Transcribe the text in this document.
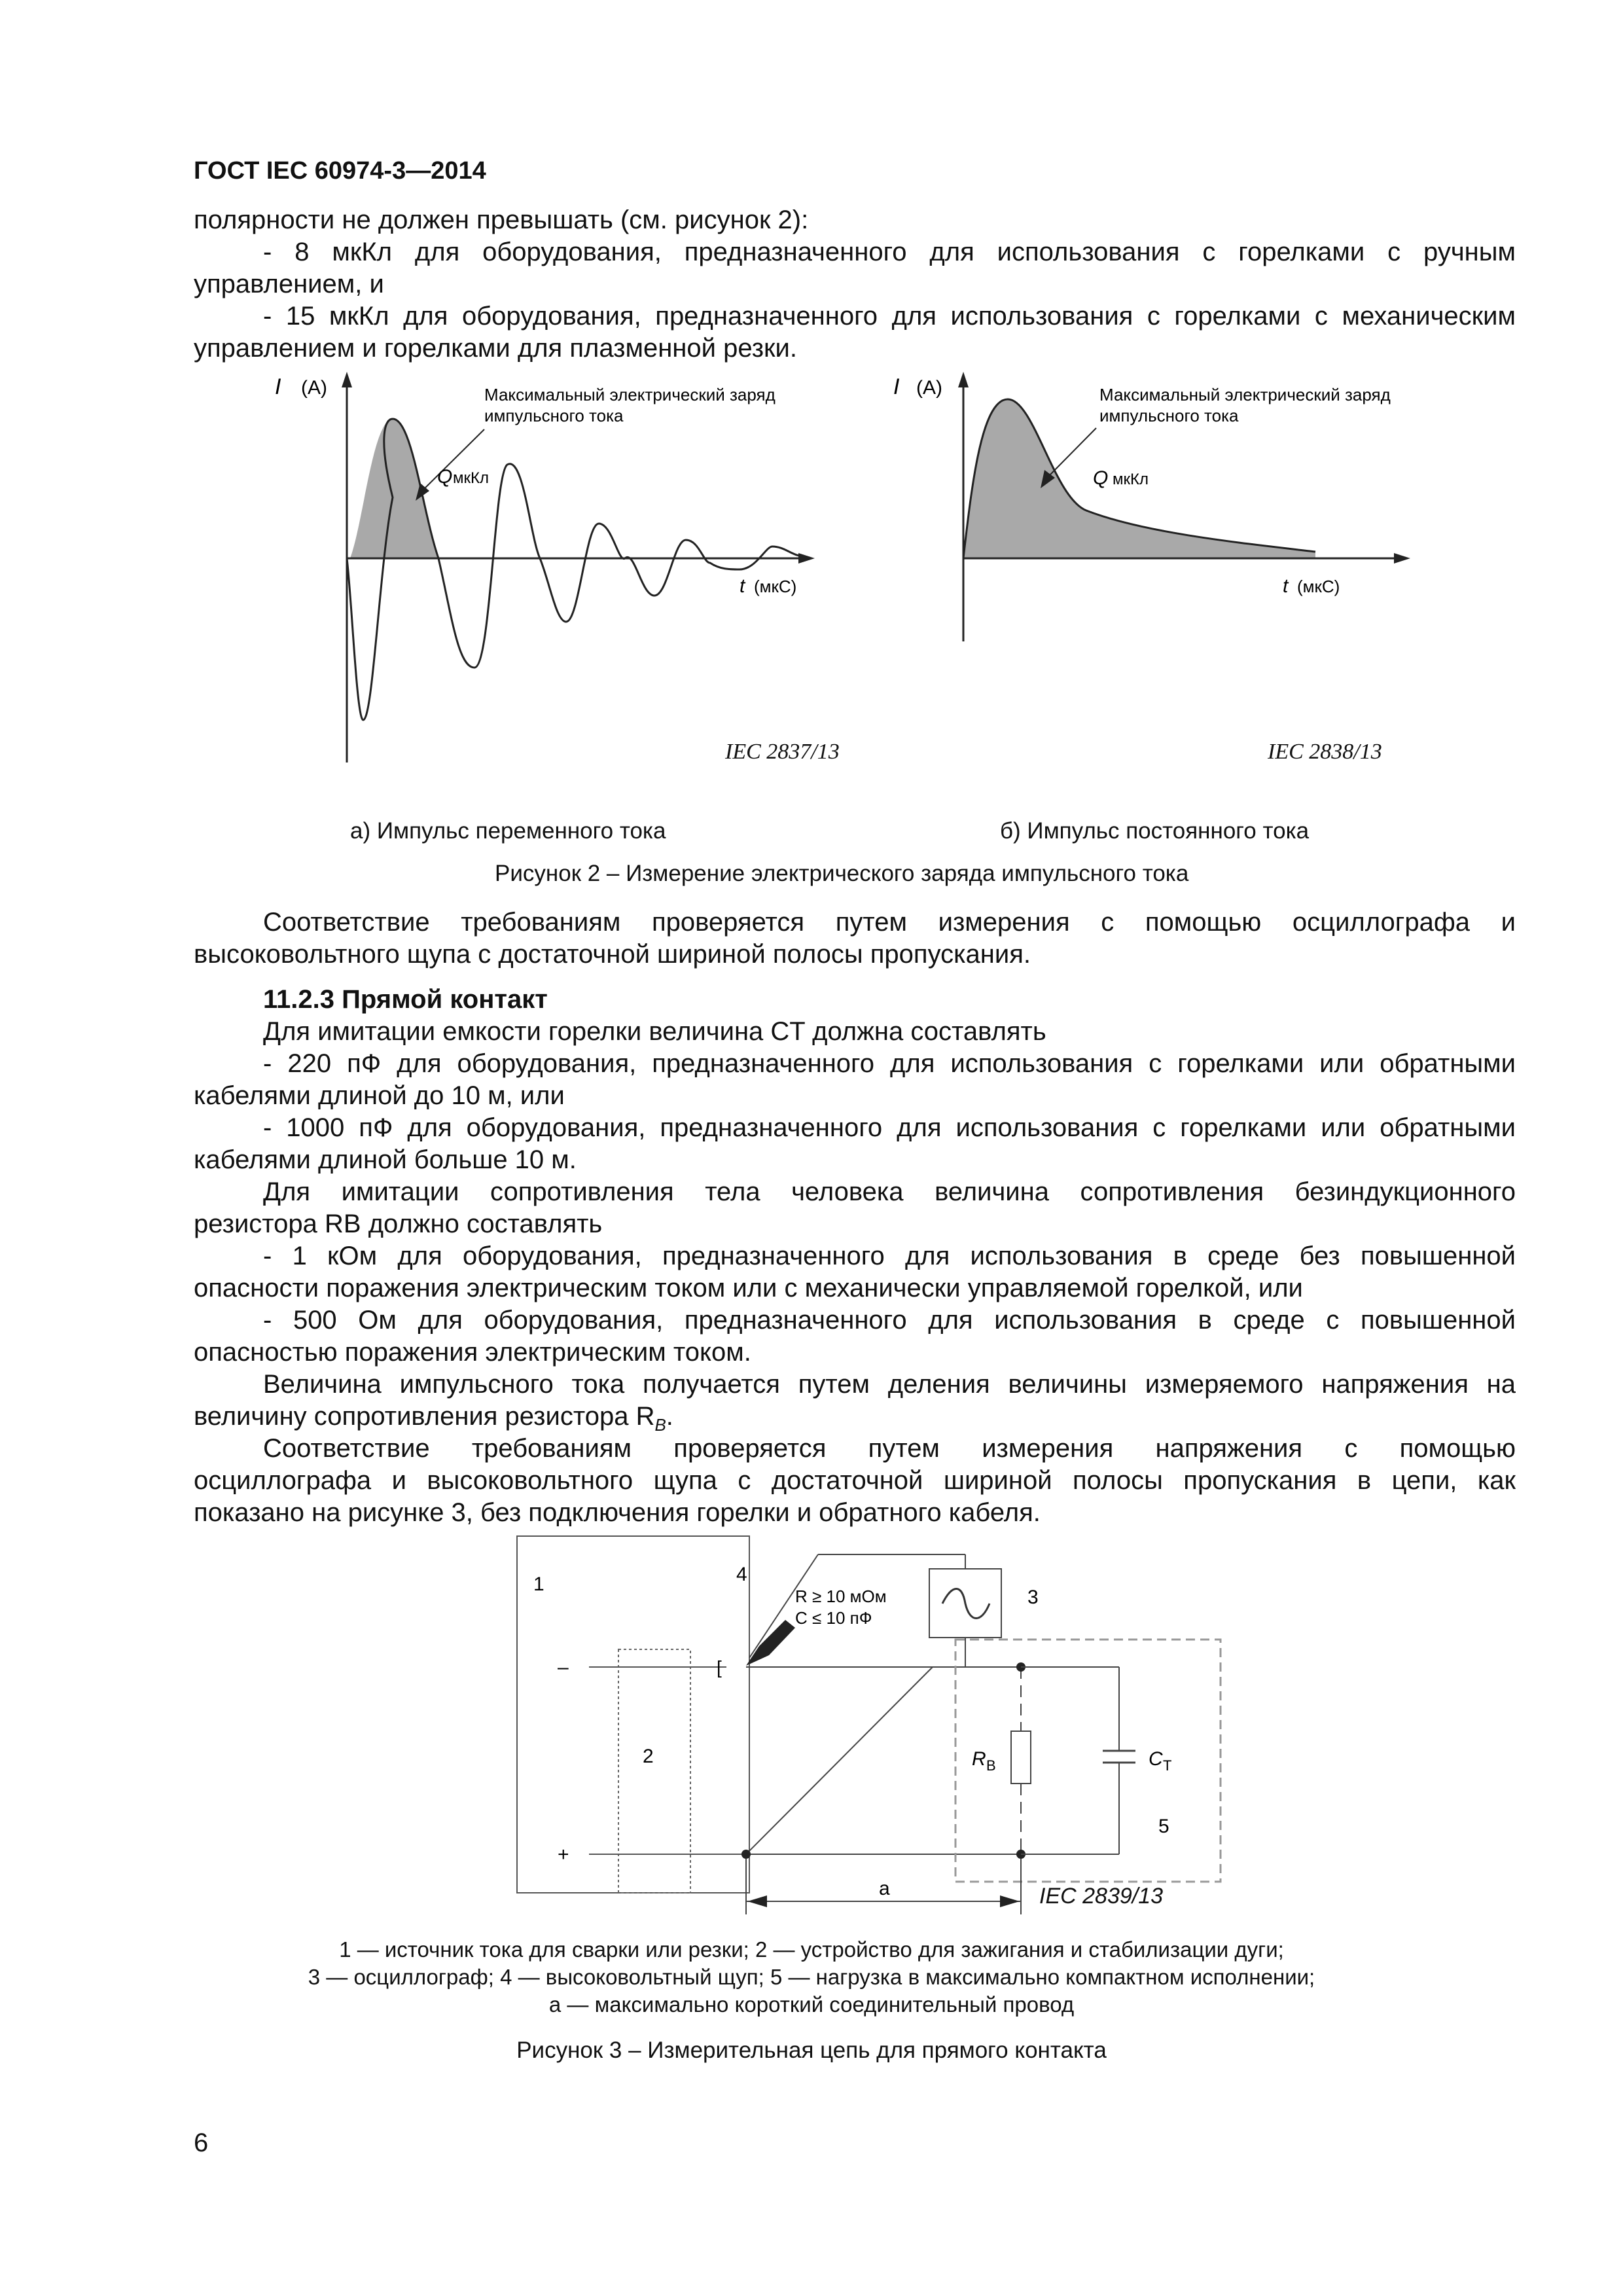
ГОСТ IEC 60974-3—2014
полярности не должен превышать (см. рисунок 2):
- 8 мкКл для оборудования, предназначенного для использования с горелками с ручным
управлением, и
- 15 мкКл для оборудования, предназначенного для использования с горелками с механическим
управлением и горелками для плазменной резки.
I (A)	Максимальный электрический заряд
импульсного тока
Q мкКл
t (мкС)
IEC 2837/13
а) Импульс переменного тока
I (A)	Максимальный электрический заряд
импульсного тока
Q мкКл
t (мкС)
IEC 2838/13
б) Импульс постоянного тока
Рисунок 2 – Измерение электрического заряда импульсного тока
Соответствие требованиям проверяется путем измерения с помощью осциллографа и
высоковольтного щупа с достаточной шириной полосы пропускания.
11.2.3 Прямой контакт
Для имитации емкости горелки величина CT должна составлять
- 220 пФ для оборудования, предназначенного для использования с горелками или обратными
кабелями длиной до 10 м, или
- 1000 пФ для оборудования, предназначенного для использования с горелками или обратными
кабелями длиной больше 10 м.
Для имитации сопротивления тела человека величина сопротивления безиндукционного
резистора RB должно составлять
- 1 кОм для оборудования, предназначенного для использования в среде без повышенной
опасности поражения электрическим током или с механически управляемой горелкой, или
- 500 Ом для оборудования, предназначенного для использования в среде с повышенной
опасностью поражения электрическим током.
Величина импульсного тока получается путем деления величины измеряемого напряжения на
величину сопротивления резистора $R_B$.
Соответствие требованиям проверяется путем измерения напряжения с помощью
осциллографа и высоковольтного щупа с достаточной шириной полосы пропускания в цепи, как
показано на рисунке 3, без подключения горелки и обратного кабеля.
1
2
–
+
[
4
R ≥ 10 мОм
C ≤ 10 пФ
3
5
R B	C T
a	IEC 2839/13
1 — источник тока для сварки или резки; 2 — устройство для зажигания и стабилизации дуги;
3 — осциллограф; 4 — высоковольтный щуп; 5 — нагрузка в максимально компактном исполнении;
a — максимально короткий соединительный провод
Рисунок 3 – Измерительная цепь для прямого контакта
6
